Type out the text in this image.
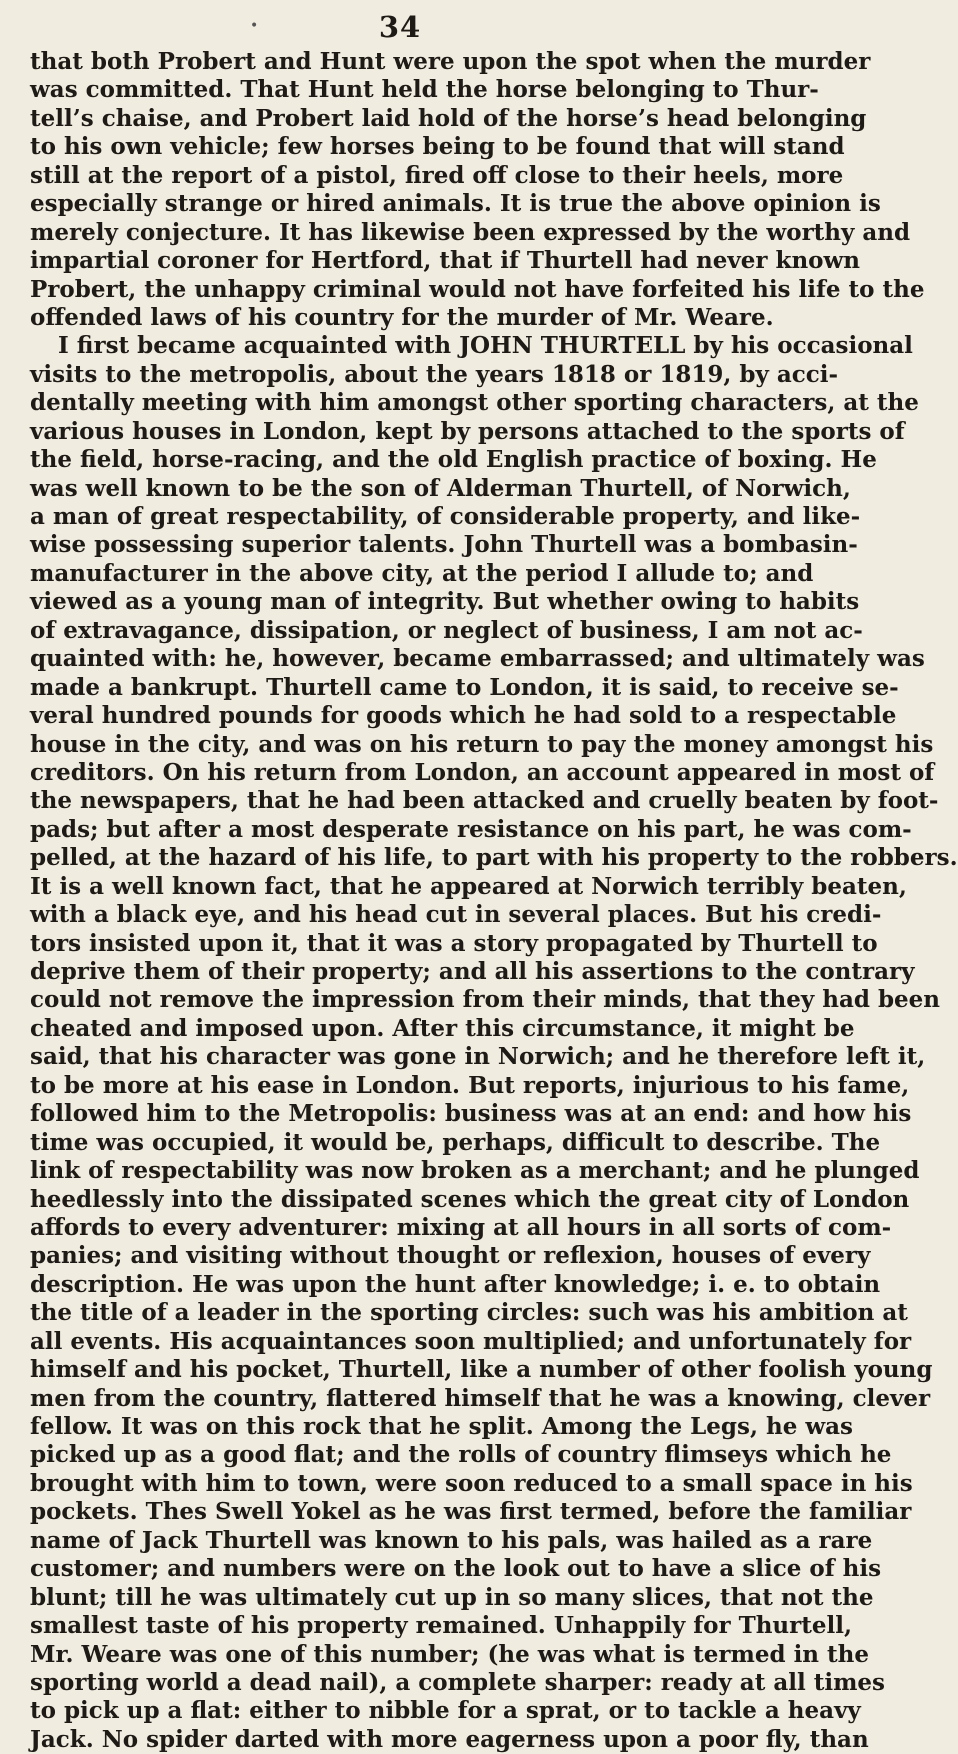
•	34
that both Probert and Hunt were upon the spot when the murder
was committed. That Hunt held the horse belonging to Thur-
tell’s chaise, and Probert laid hold of the horse’s head belonging
to his own vehicle; few horses being to be found that will stand
still at the report of a pistol, fired off close to their heels, more
especially strange or hired animals. It is true the above opinion is
merely conjecture. It has likewise been expressed by the worthy and
impartial coroner for Hertford, that if Thurtell had never known
Probert, the unhappy criminal would not have forfeited his life to the
offended laws of his country for the murder of Mr. Weare.
I first became acquainted with JOHN THURTELL by his occasional
visits to the metropolis, about the years 1818 or 1819, by acci-
dentally meeting with him amongst other sporting characters, at the
various houses in London, kept by persons attached to the sports of
the field, horse-racing, and the old English practice of boxing. He
was well known to be the son of Alderman Thurtell, of Norwich,
a man of great respectability, of considerable property, and like-
wise possessing superior talents. John Thurtell was a bombasin-
manufacturer in the above city, at the period I allude to; and
viewed as a young man of integrity. But whether owing to habits
of extravagance, dissipation, or neglect of business, I am not ac-
quainted with: he, however, became embarrassed; and ultimately was
made a bankrupt. Thurtell came to London, it is said, to receive se-
veral hundred pounds for goods which he had sold to a respectable
house in the city, and was on his return to pay the money amongst his
creditors. On his return from London, an account appeared in most of
the newspapers, that he had been attacked and cruelly beaten by foot-
pads; but after a most desperate resistance on his part, he was com-
pelled, at the hazard of his life, to part with his property to the robbers.
It is a well known fact, that he appeared at Norwich terribly beaten,
with a black eye, and his head cut in several places. But his credi-
tors insisted upon it, that it was a story propagated by Thurtell to
deprive them of their property; and all his assertions to the contrary
could not remove the impression from their minds, that they had been
cheated and imposed upon. After this circumstance, it might be
said, that his character was gone in Norwich; and he therefore left it,
to be more at his ease in London. But reports, injurious to his fame,
followed him to the Metropolis: business was at an end: and how his
time was occupied, it would be, perhaps, difficult to describe. The
link of respectability was now broken as a merchant; and he plunged
heedlessly into the dissipated scenes which the great city of London
affords to every adventurer: mixing at all hours in all sorts of com-
panies; and visiting without thought or reflexion, houses of every
description. He was upon the hunt after knowledge; i. e. to obtain
the title of a leader in the sporting circles: such was his ambition at
all events. His acquaintances soon multiplied; and unfortunately for
himself and his pocket, Thurtell, like a number of other foolish young
men from the country, flattered himself that he was a knowing, clever
fellow. It was on this rock that he split. Among the Legs, he was
picked up as a good flat; and the rolls of country flimseys which he
brought with him to town, were soon reduced to a small space in his
pockets. Thes Swell Yokel as he was first termed, before the familiar
name of Jack Thurtell was known to his pals, was hailed as a rare
customer; and numbers were on the look out to have a slice of his
blunt; till he was ultimately cut up in so many slices, that not the
smallest taste of his property remained. Unhappily for Thurtell,
Mr. Weare was one of this number; (he was what is termed in the
sporting world a dead nail), a complete sharper: ready at all times
to pick up a flat: either to nibble for a sprat, or to tackle a heavy
Jack. No spider darted with more eagerness upon a poor fly, than
